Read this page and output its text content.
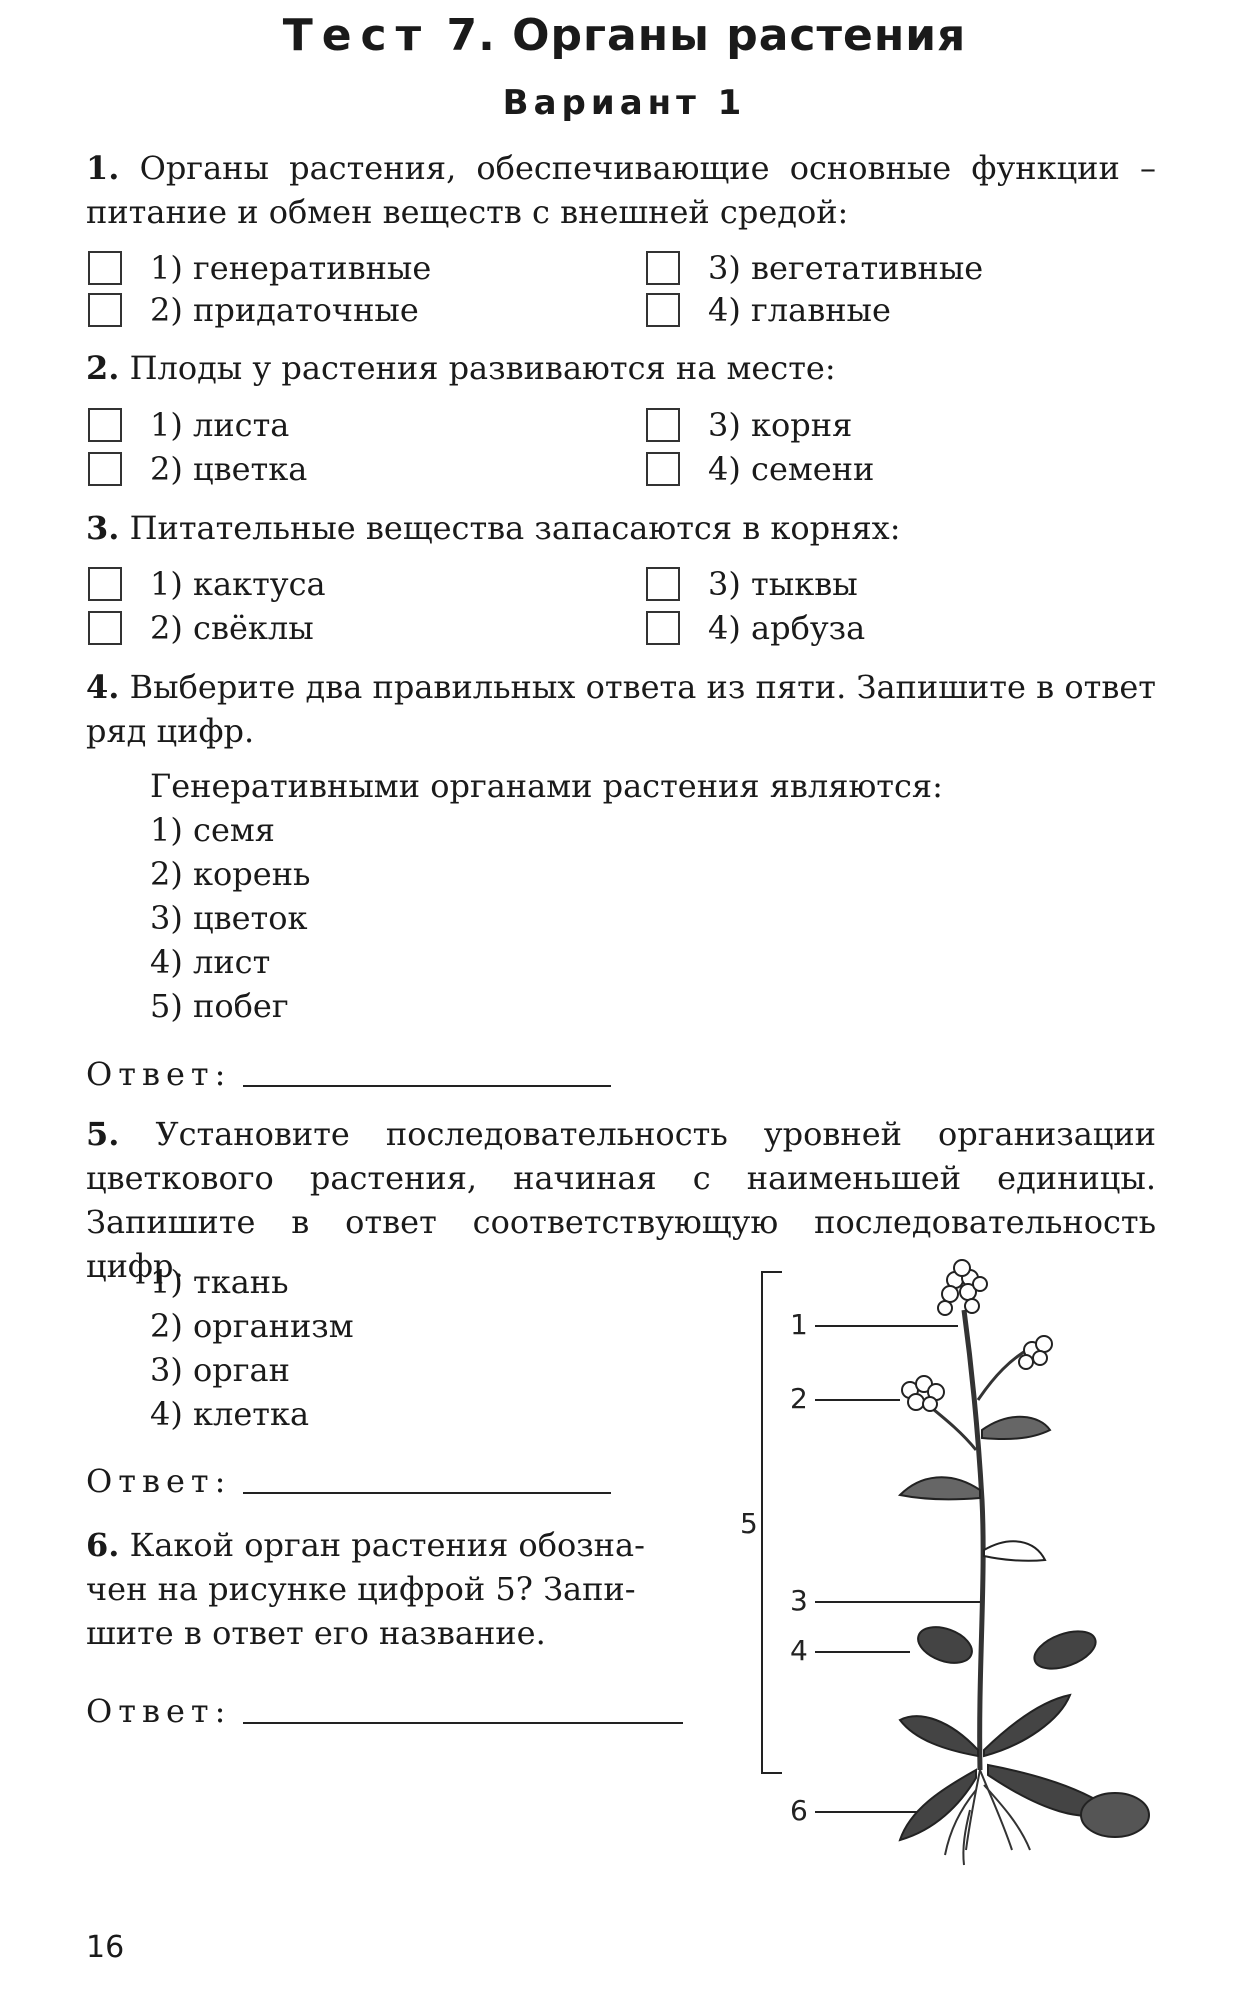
Тест 7. Органы растения
Вариант 1
1. Органы растения, обеспечивающие основные функции – питание и обмен веществ с внешней средой:
1) генеративные
2) придаточные
3) вегетативные
4) главные
2. Плоды у растения развиваются на месте:
1) листа
2) цветка
3) корня
4) семени
3. Питательные вещества запасаются в корнях:
1) кактуса
2) свёклы
3) тыквы
4) арбуза
4. Выберите два правильных ответа из пяти. Запишите в ответ ряд цифр.
Генеративными органами растения являются:
1) семя
2) корень
3) цветок
4) лист
5) побег
Ответ:
5. Установите последовательность уровней организации цветкового растения, начиная с наименьшей единицы. Запишите в ответ соответствующую последовательность цифр.
1) ткань
2) организм
3) орган
4) клетка
Ответ:
6. Какой орган растения обозна-
чен на рисунке цифрой 5? Запи-
шите в ответ его название.
Ответ:
1
2
5
3
4
6
16
